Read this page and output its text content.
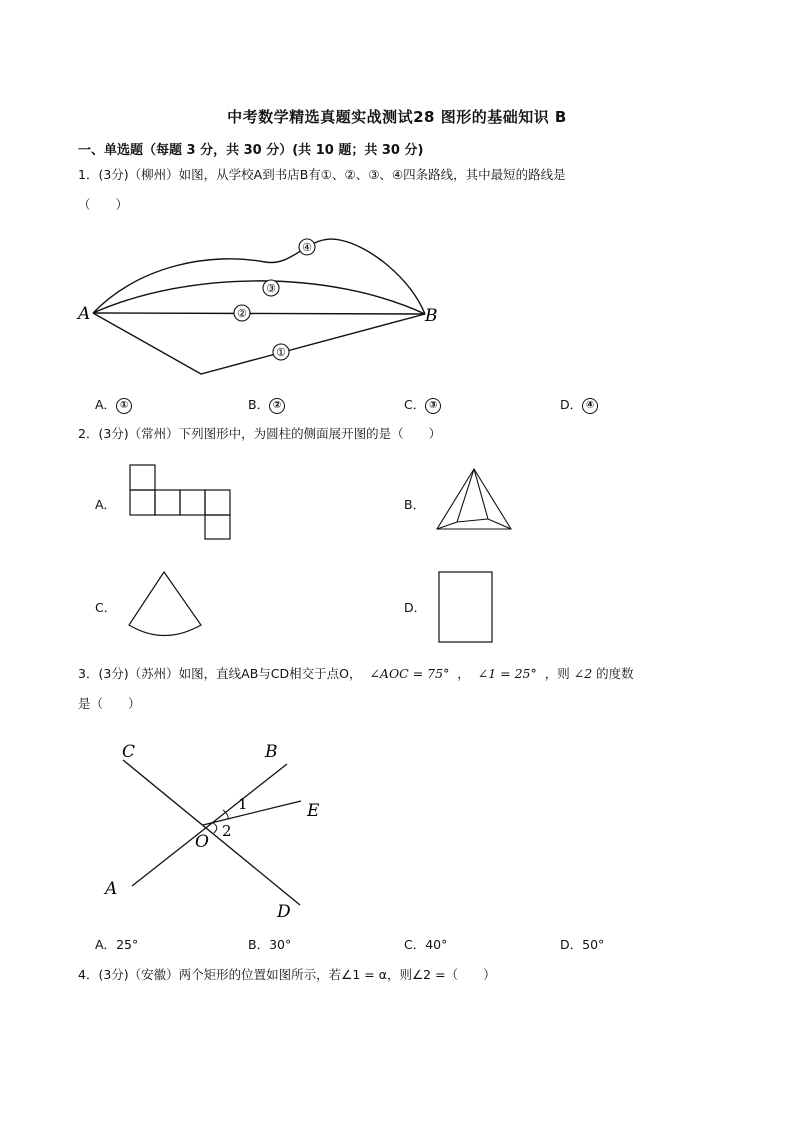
中考数学精选真题实战测试28 图形的基础知识 B
一、单选题（每题 3 分，共 30 分）(共 10 题；共 30 分)
1．(3分)（柳州）如图，从学校A到书店B有①、②、③、④四条路线，其中最短的路线是
（　　）
④
③
②
①
A	B
A． ①	B． ②	C． ③	D． ④
2．(3分)（常州）下列图形中，为圆柱的侧面展开图的是（　　）
A．	B．
C．	D．
3．(3分)（苏州）如图，直线AB与CD相交于点O， ∠AOC = 75° ， ∠1 = 25° ，则 ∠2 的度数
是（　　）
C	B
E
O
A
D
1
2
A．25°	B．30°	C．40°	D．50°
4．(3分)（安徽）两个矩形的位置如图所示，若∠1 = α，则∠2 =（　　）
